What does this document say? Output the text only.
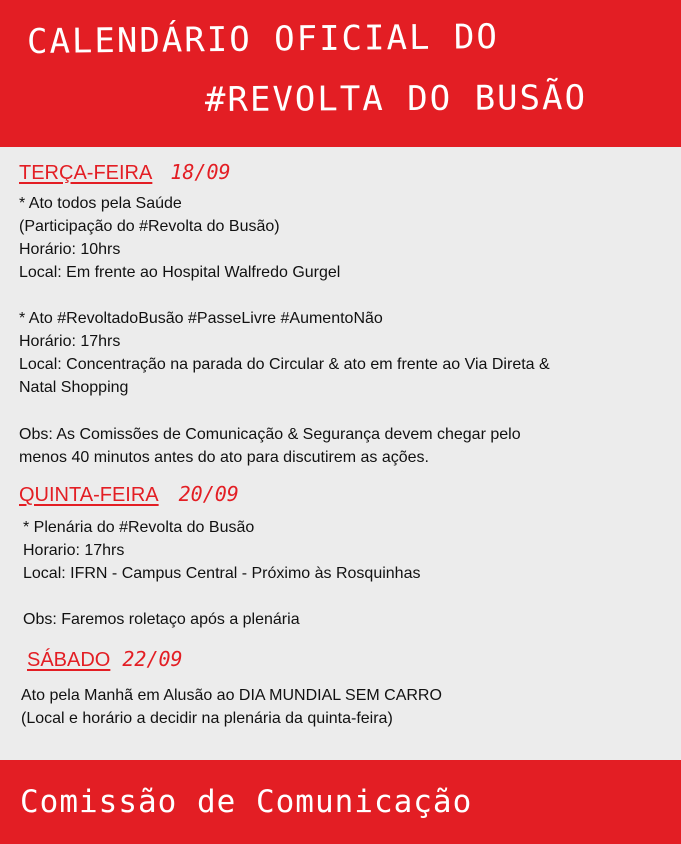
CALENDÁRIO OFICIAL DO
#REVOLTA DO BUSÃO
TERÇA-FEIRA 18/09
* Ato todos pela Saúde
(Participação do #Revolta do Busão)
Horário: 10hrs
Local: Em frente ao Hospital Walfredo Gurgel
* Ato #RevoltadoBusão #PasseLivre #AumentoNão
Horário: 17hrs
Local: Concentração na parada do Circular & ato em frente ao Via Direta &
Natal Shopping
Obs: As Comissões de Comunicação & Segurança devem chegar pelo
menos 40 minutos antes do ato para discutirem as ações.
QUINTA-FEIRA 20/09
* Plenária do #Revolta do Busão
Horario: 17hrs
Local: IFRN - Campus Central - Próximo às Rosquinhas
Obs: Faremos roletaço após a plenária
SÁBADO 22/09
Ato pela Manhã em Alusão ao DIA MUNDIAL SEM CARRO
(Local e horário a decidir na plenária da quinta-feira)
Comissão de Comunicação
